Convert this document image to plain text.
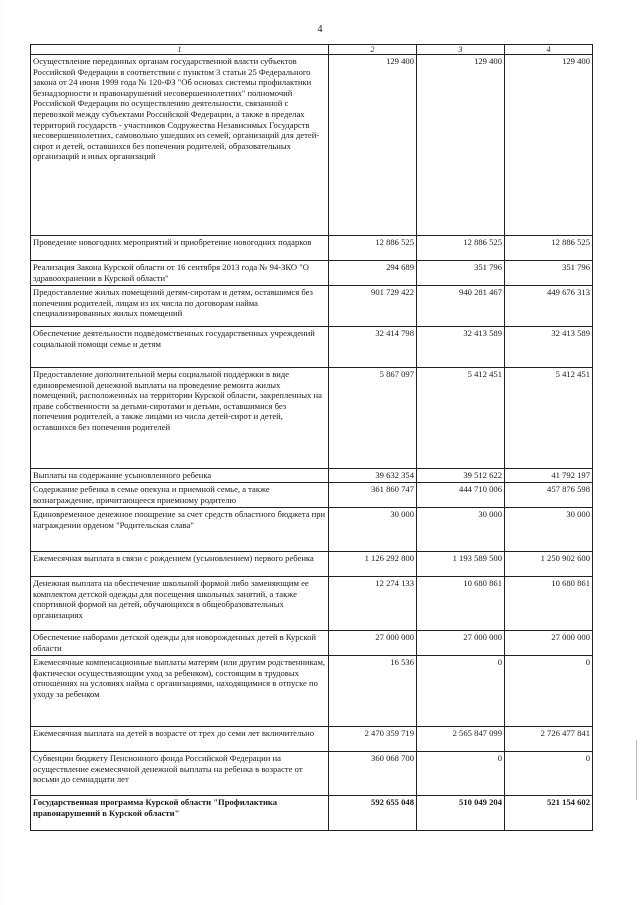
4
1	2	3	4
Осуществление переданных органам государственной власти субъектов Российской Федерации в соответствии с пунктом 3 статьи 25 Федерального закона от 24 июня 1999 года № 120-ФЗ "Об основах системы профилактики безнадзорности и правонарушений несовершеннолетних" полномочий Российской Федерации по осуществлению деятельности, связанной с перевозкой между субъектами Российской Федерации, а также в пределах территорий государств - участников Содружества Независимых Государств несовершеннолетних, самовольно ушедших из семей, организаций для детей-сирот и детей, оставшихся без попечения родителей, образовательных организаций и иных организаций	129 400	129 400	129 400
Проведение новогодних мероприятий и приобретение новогодних подарков	12 886 525	12 886 525	12 886 525
Реализация Закона Курской области от 16 сентября 2013 года № 94-ЗКО "О здравоохранении в Курской области"	294 689	351 796	351 796
Предоставление жилых помещений детям-сиротам и детям, оставшимся без попечения родителей, лицам из их числа по договорам найма специализированных жилых помещений	901 729 422	940 281 467	449 676 313
Обеспечение деятельности подведомственных государственных учреждений социальной помощи семье и детям	32 414 798	32 413 589	32 413 589
Предоставление дополнительной меры социальной поддержки в виде единовременной денежной выплаты на проведение ремонта жилых помещений, расположенных на территории Курской области, закрепленных на праве собственности за детьми-сиротами и детьми, оставшимися без попечения родителей, а также лицами из числа детей-сирот и детей, оставшихся без попечения родителей	5 867 097	5 412 451	5 412 451
Выплаты на содержание усыновленного ребенка	39 632 354	39 512 622	41 792 197
Содержание ребенка в семье опекуна и приемной семье, а также вознаграждение, причитающееся приемному родителю	361 860 747	444 710 006	457 876 598
Единовременное денежное поощрение за счет средств областного бюджета при награждении орденом "Родительская слава"	30 000	30 000	30 000
Ежемесячная выплата в связи с рождением (усыновлением) первого ребенка	1 126 292 800	1 193 589 500	1 250 902 600
Денежная выплата на обеспечение школьной формой либо заменяющим ее комплектом детской одежды для посещения школьных занятий, а также спортивной формой на детей, обучающихся в общеобразовательных организациях	12 274 133	10 680 861	10 680 861
Обеспечение наборами детской одежды для новорожденных детей в Курской области	27 000 000	27 000 000	27 000 000
Ежемесячные компенсационные выплаты матерям (или другим родственникам, фактически осуществляющим уход за ребенком), состоящим в трудовых отношениях на условиях найма с организациями, находящимися в отпуске по уходу за ребенком	16 536	0	0
Ежемесячная выплата на детей в возрасте от трех до семи лет включительно	2 470 359 719	2 565 847 099	2 726 477 841
Субвенции бюджету Пенсионного фонда Российской Федерации на осуществление ежемесячной денежной выплаты на ребенка в возрасте от восьми до семнадцати лет	360 068 700	0	0
Государственная программа Курской области "Профилактика правонарушений в Курской области"	592 655 048	510 049 204	521 154 602
